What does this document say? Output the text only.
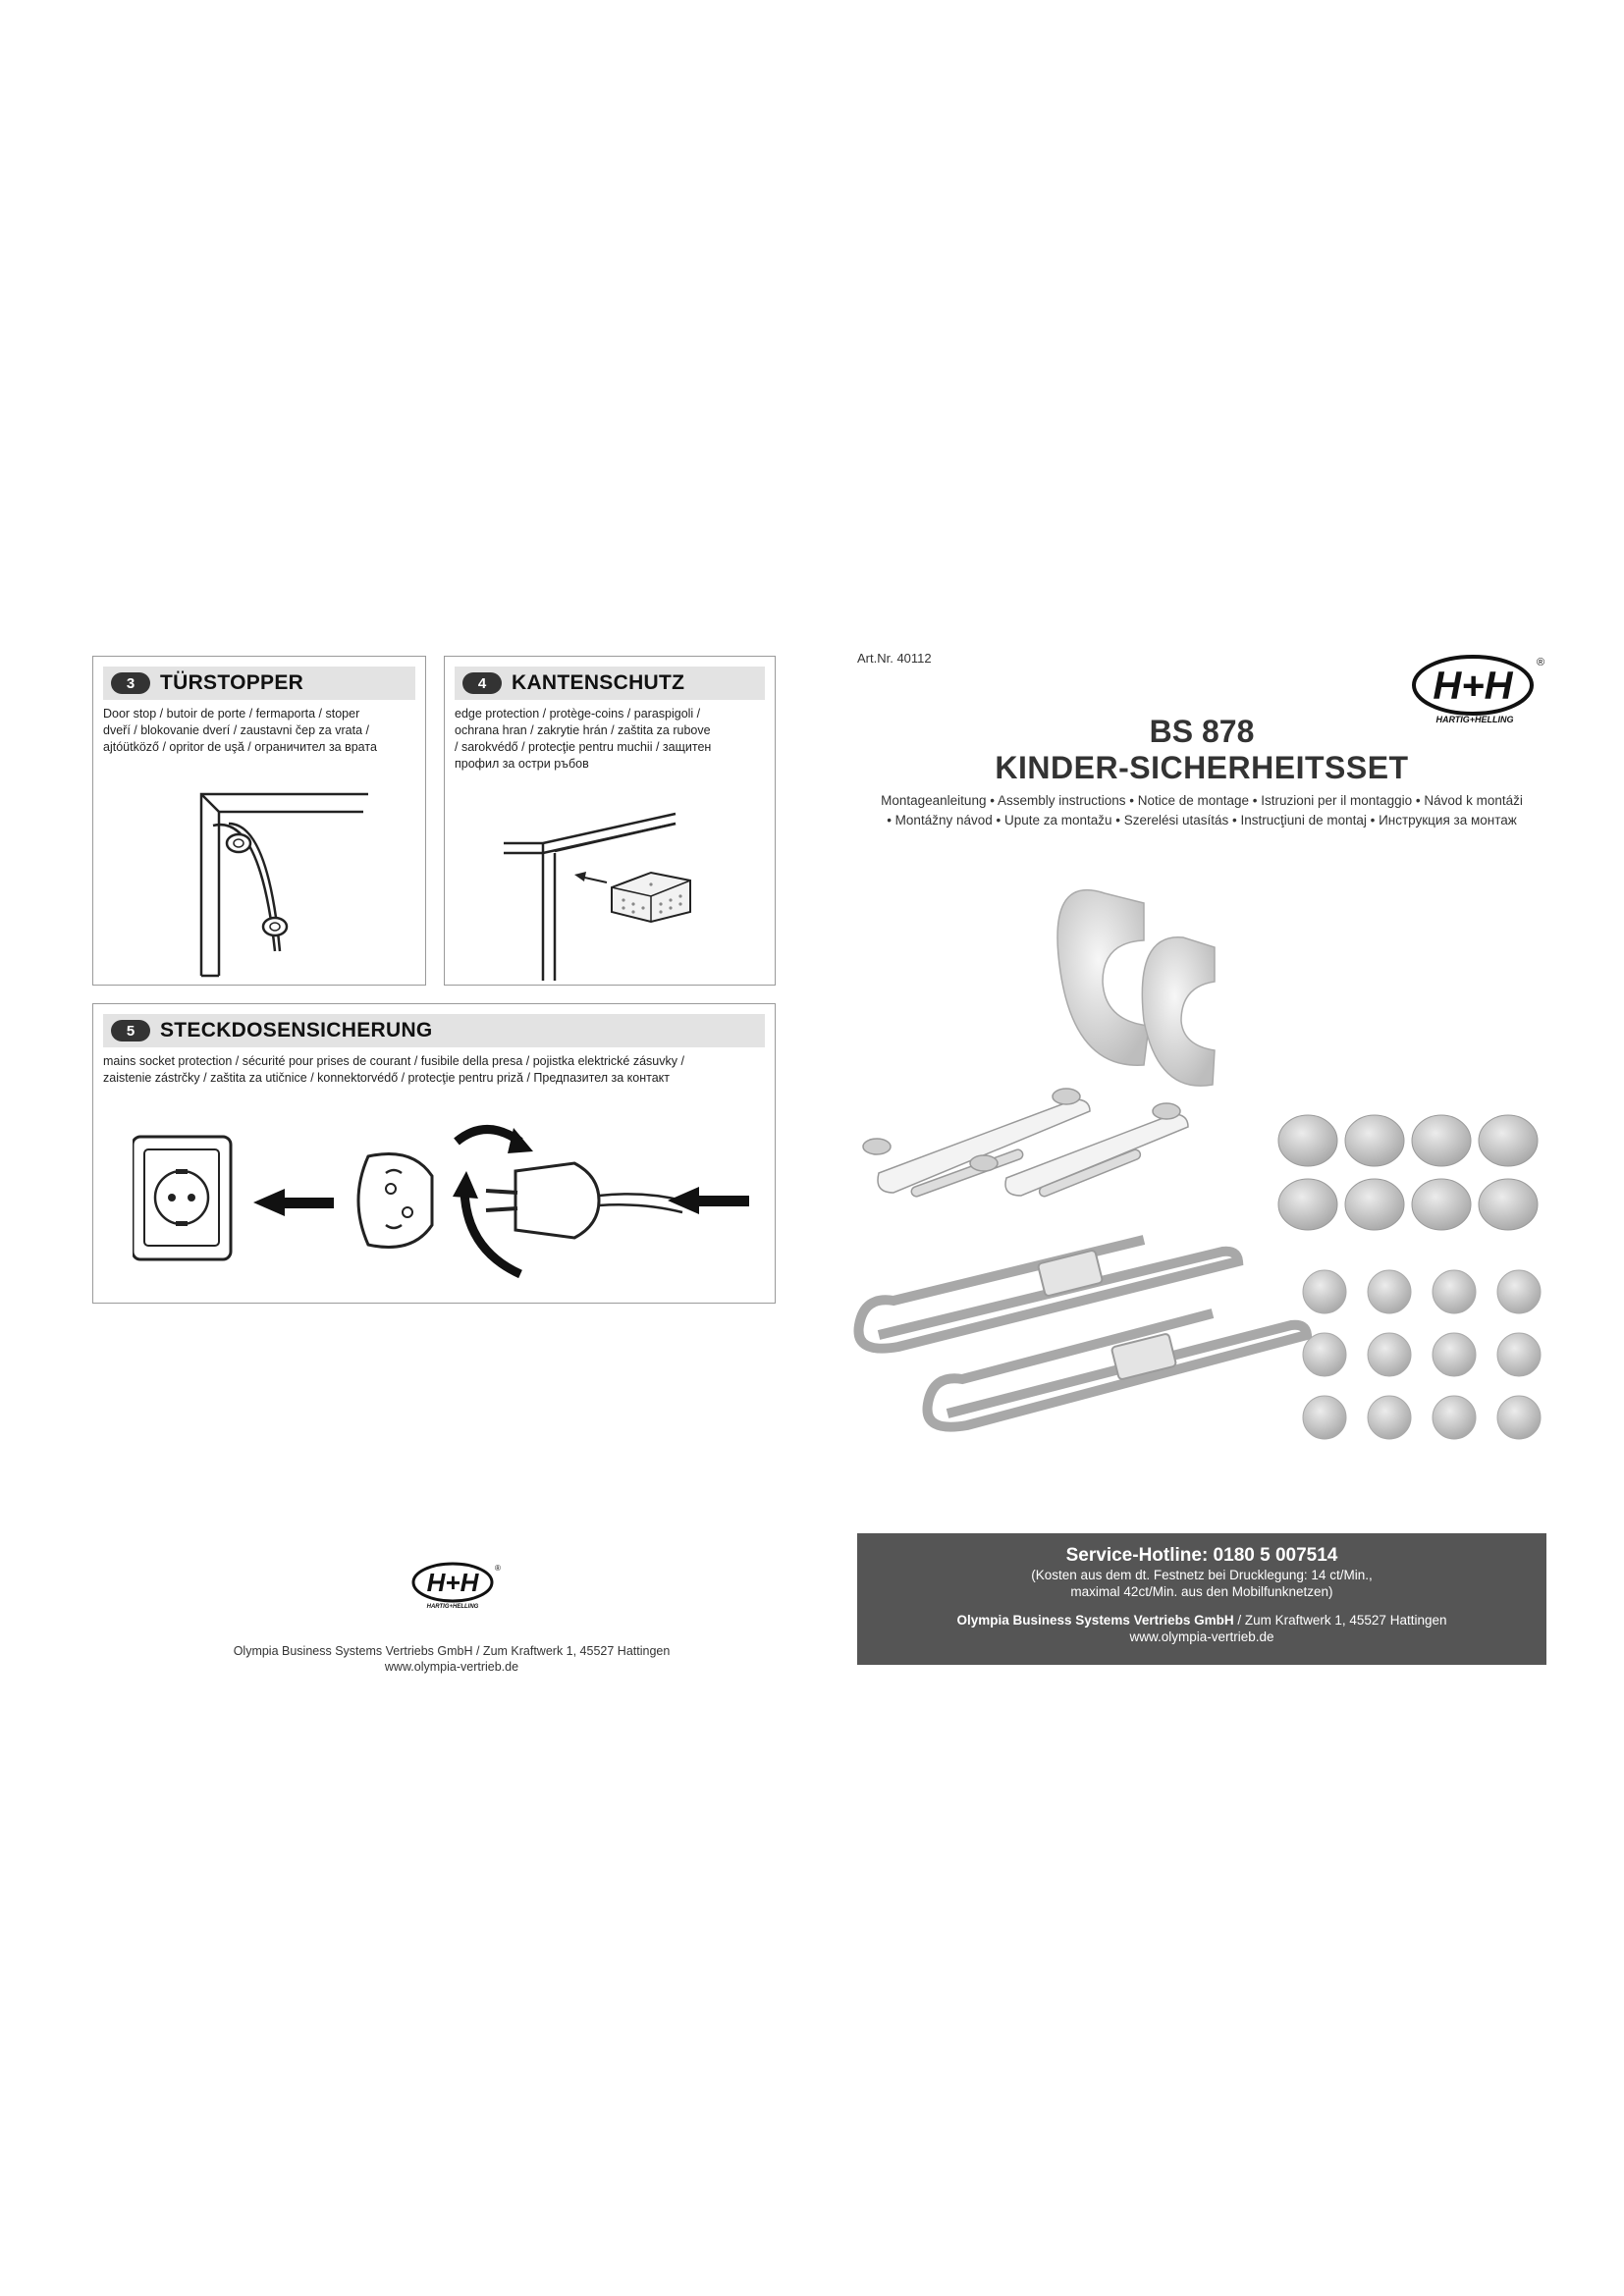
3	TÜRSTOPPER
Door stop / butoir de porte / fermaporta / stoper
dveří / blokovanie dverí / zaustavni čep za vrata /
ajtóütköző / opritor de uşă / ограничител за врата
4	KANTENSCHUTZ
edge protection / protège-coins / paraspigoli /
ochrana hran / zakrytie hrán / zaštita za rubove
/ sarokvédő / protecţie pentru muchii / защитен
профил за остри ръбов
5	STECKDOSENSICHERUNG
mains socket protection / sécurité pour prises de courant / fusibile della presa / pojistka elektrické zásuvky /
zaistenie zástrčky / zaštita za utičnice / konnektorvédő / protecţie pentru priză / Предпазител за контакт
H+H
HARTIG+HELLING
®
Olympia Business Systems Vertriebs GmbH / Zum Kraftwerk 1, 45527 Hattingen
www.olympia-vertrieb.de
Art.Nr. 40112
H+H
HARTIG+HELLING
®
BS 878
KINDER-SICHERHEITSSET
Montageanleitung • Assembly instructions • Notice de montage • Istruzioni per il montaggio • Návod k montáži
• Montážny návod • Upute za montažu • Szerelési utasítás • Instrucţiuni de montaj • Инструкция за монтаж
Service-Hotline: 0180 5 007514
(Kosten aus dem dt. Festnetz bei Drucklegung: 14 ct/Min.,
maximal 42ct/Min. aus den Mobilfunknetzen)
Olympia Business Systems Vertriebs GmbH / Zum Kraftwerk 1, 45527 Hattingen
www.olympia-vertrieb.de
